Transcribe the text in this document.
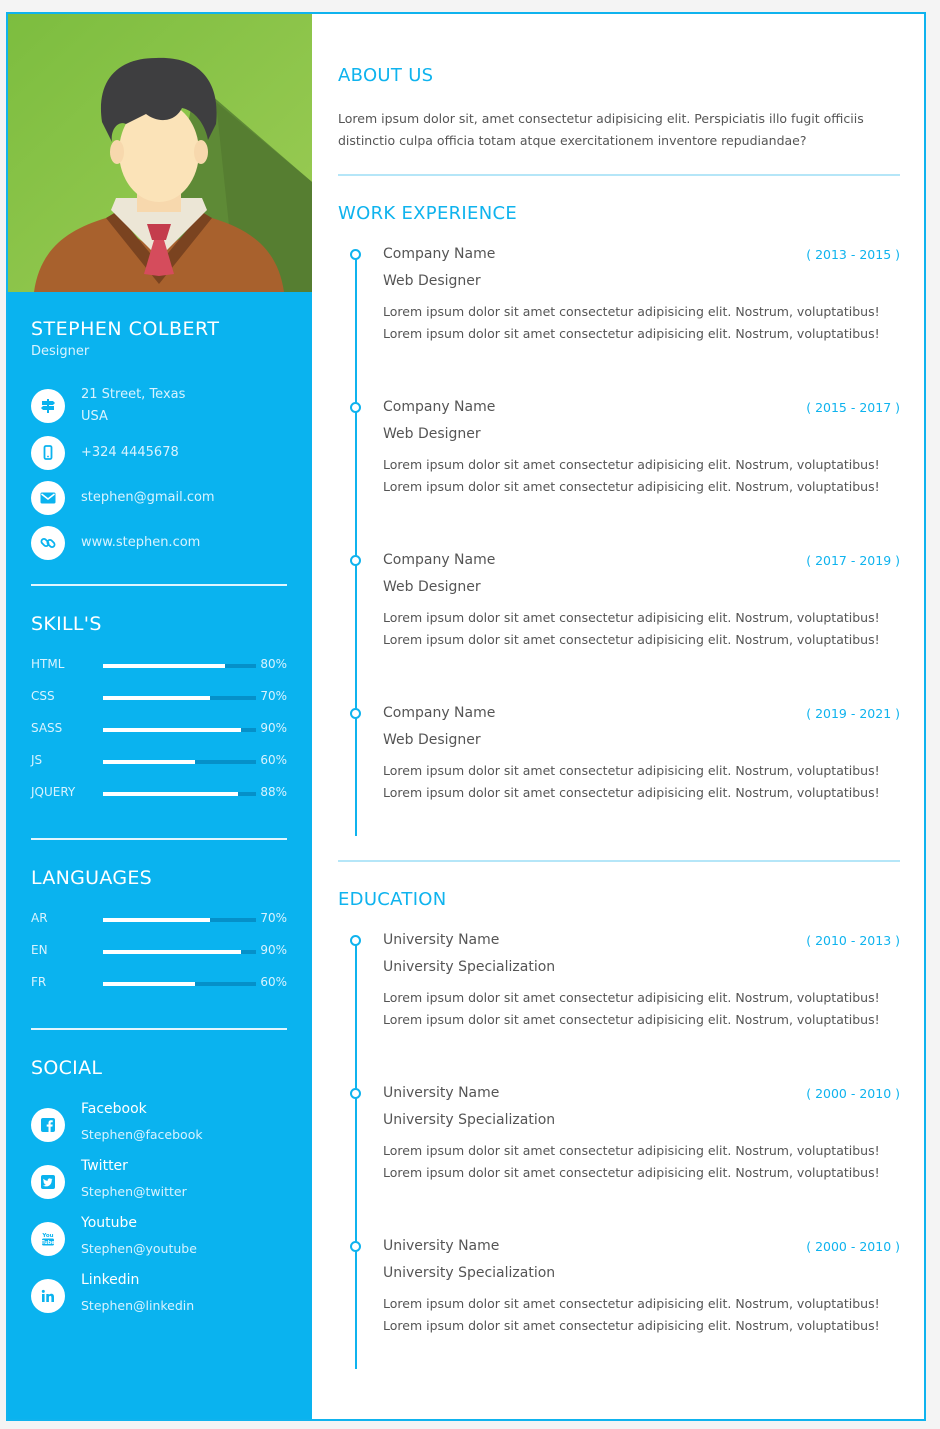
STEPHEN COLBERT
Designer
21 Street, Texas
USA
+324 4445678
stephen@gmail.com
www.stephen.com
SKILL'S
HTML	80%
CSS	70%
SASS	90%
JS	60%
JQUERY	88%
LANGUAGES
AR	70%
EN	90%
FR	60%
SOCIAL
Facebook
Stephen@facebook
Twitter
Stephen@twitter
You
Tube
Youtube
Stephen@youtube
Linkedin
Stephen@linkedin
ABOUT US
Lorem ipsum dolor sit, amet consectetur adipisicing elit. Perspiciatis illo fugit officiis distinctio culpa officia totam atque exercitationem inventore repudiandae?
WORK EXPERIENCE
Company Name	( 2013 - 2015 )
Web Designer
Lorem ipsum dolor sit amet consectetur adipisicing elit. Nostrum, voluptatibus! Lorem ipsum dolor sit amet consectetur adipisicing elit. Nostrum, voluptatibus!
Company Name	( 2015 - 2017 )
Web Designer
Lorem ipsum dolor sit amet consectetur adipisicing elit. Nostrum, voluptatibus! Lorem ipsum dolor sit amet consectetur adipisicing elit. Nostrum, voluptatibus!
Company Name	( 2017 - 2019 )
Web Designer
Lorem ipsum dolor sit amet consectetur adipisicing elit. Nostrum, voluptatibus! Lorem ipsum dolor sit amet consectetur adipisicing elit. Nostrum, voluptatibus!
Company Name	( 2019 - 2021 )
Web Designer
Lorem ipsum dolor sit amet consectetur adipisicing elit. Nostrum, voluptatibus! Lorem ipsum dolor sit amet consectetur adipisicing elit. Nostrum, voluptatibus!
EDUCATION
University Name	( 2010 - 2013 )
University Specialization
Lorem ipsum dolor sit amet consectetur adipisicing elit. Nostrum, voluptatibus! Lorem ipsum dolor sit amet consectetur adipisicing elit. Nostrum, voluptatibus!
University Name	( 2000 - 2010 )
University Specialization
Lorem ipsum dolor sit amet consectetur adipisicing elit. Nostrum, voluptatibus! Lorem ipsum dolor sit amet consectetur adipisicing elit. Nostrum, voluptatibus!
University Name	( 2000 - 2010 )
University Specialization
Lorem ipsum dolor sit amet consectetur adipisicing elit. Nostrum, voluptatibus! Lorem ipsum dolor sit amet consectetur adipisicing elit. Nostrum, voluptatibus!
